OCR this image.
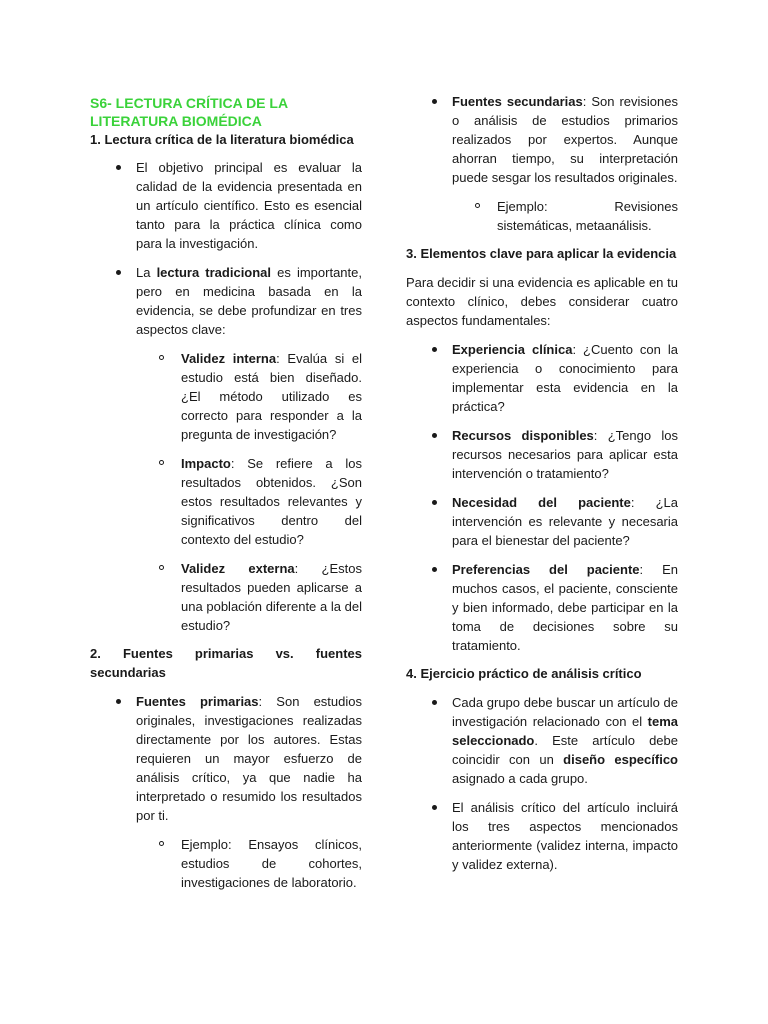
S6- LECTURA CRÍTICA DE LA LITERATURA BIOMÉDICA
1. Lectura crítica de la literatura biomédica

El objetivo principal es evaluar la calidad de la evidencia presentada en un artículo científico. Esto es esencial tanto para la práctica clínica como para la investigación.

La lectura tradicional es importante, pero en medicina basada en la evidencia, se debe profundizar en tres aspectos clave:

Validez interna: Evalúa si el estudio está bien diseñado. ¿El método utilizado es correcto para responder a la pregunta de investigación?

Impacto: Se refiere a los resultados obtenidos. ¿Son estos resultados relevantes y significativos dentro del contexto del estudio?

Validez externa: ¿Estos resultados pueden aplicarse a una población diferente a la del estudio?

2. Fuentes primarias vs. fuentes secundarias

Fuentes primarias: Son estudios originales, investigaciones realizadas directamente por los autores. Estas requieren un mayor esfuerzo de análisis crítico, ya que nadie ha interpretado o resumido los resultados por ti.

Ejemplo: Ensayos clínicos, estudios de cohortes, investigaciones de laboratorio.

Fuentes secundarias: Son revisiones o análisis de estudios primarios realizados por expertos. Aunque ahorran tiempo, su interpretación puede sesgar los resultados originales.

Ejemplo: Revisiones sistemáticas, metaanálisis.

3. Elementos clave para aplicar la evidencia

Para decidir si una evidencia es aplicable en tu contexto clínico, debes considerar cuatro aspectos fundamentales:

Experiencia clínica: ¿Cuento con la experiencia o conocimiento para implementar esta evidencia en la práctica?

Recursos disponibles: ¿Tengo los recursos necesarios para aplicar esta intervención o tratamiento?

Necesidad del paciente: ¿La intervención es relevante y necesaria para el bienestar del paciente?

Preferencias del paciente: En muchos casos, el paciente, consciente y bien informado, debe participar en la toma de decisiones sobre su tratamiento.

4. Ejercicio práctico de análisis crítico

Cada grupo debe buscar un artículo de investigación relacionado con el tema seleccionado. Este artículo debe coincidir con un diseño específico asignado a cada grupo.

El análisis crítico del artículo incluirá los tres aspectos mencionados anteriormente (validez interna, impacto y validez externa).
